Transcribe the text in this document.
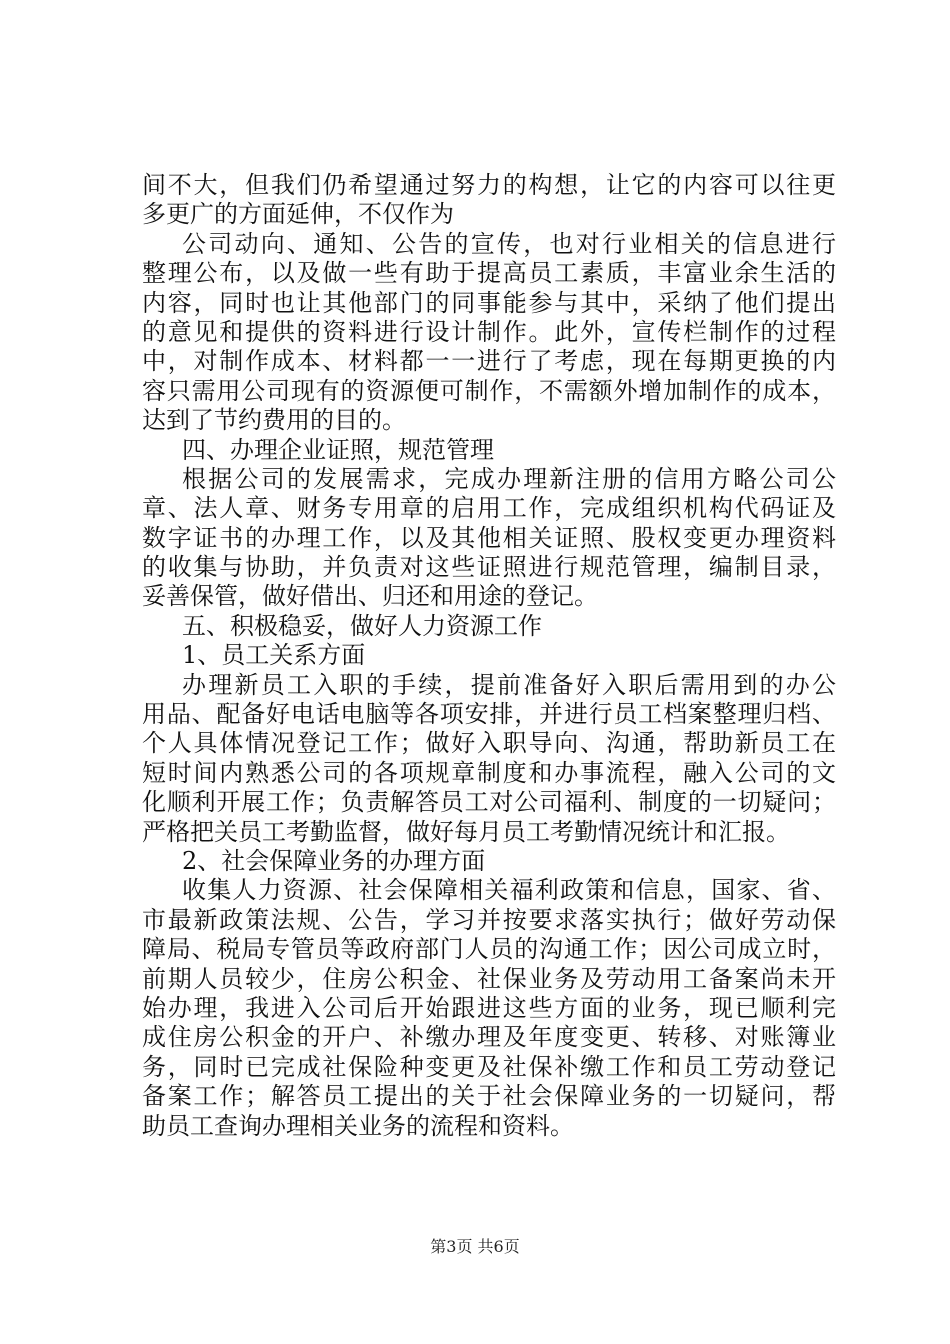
间不大，但我们仍希望通过努力的构想，让它的内容可以往更
多更广的方面延伸，不仅作为
公司动向、通知、公告的宣传，也对行业相关的信息进行
整理公布，以及做一些有助于提高员工素质，丰富业余生活的
内容，同时也让其他部门的同事能参与其中，采纳了他们提出
的意见和提供的资料进行设计制作。此外，宣传栏制作的过程
中，对制作成本、材料都一一进行了考虑，现在每期更换的内
容只需用公司现有的资源便可制作，不需额外增加制作的成本，
达到了节约费用的目的。
四、办理企业证照，规范管理
根据公司的发展需求，完成办理新注册的信用方略公司公
章、法人章、财务专用章的启用工作，完成组织机构代码证及
数字证书的办理工作，以及其他相关证照、股权变更办理资料
的收集与协助，并负责对这些证照进行规范管理，编制目录，
妥善保管，做好借出、归还和用途的登记。
五、积极稳妥，做好人力资源工作
1、员工关系方面
办理新员工入职的手续，提前准备好入职后需用到的办公
用品、配备好电话电脑等各项安排，并进行员工档案整理归档、
个人具体情况登记工作；做好入职导向、沟通，帮助新员工在
短时间内熟悉公司的各项规章制度和办事流程，融入公司的文
化顺利开展工作；负责解答员工对公司福利、制度的一切疑问；
严格把关员工考勤监督，做好每月员工考勤情况统计和汇报。
2、社会保障业务的办理方面
收集人力资源、社会保障相关福利政策和信息，国家、省、
市最新政策法规、公告，学习并按要求落实执行；做好劳动保
障局、税局专管员等政府部门人员的沟通工作；因公司成立时，
前期人员较少，住房公积金、社保业务及劳动用工备案尚未开
始办理，我进入公司后开始跟进这些方面的业务，现已顺利完
成住房公积金的开户、补缴办理及年度变更、转移、对账簿业
务，同时已完成社保险种变更及社保补缴工作和员工劳动登记
备案工作；解答员工提出的关于社会保障业务的一切疑问，帮
助员工查询办理相关业务的流程和资料。
第3页 共6页
